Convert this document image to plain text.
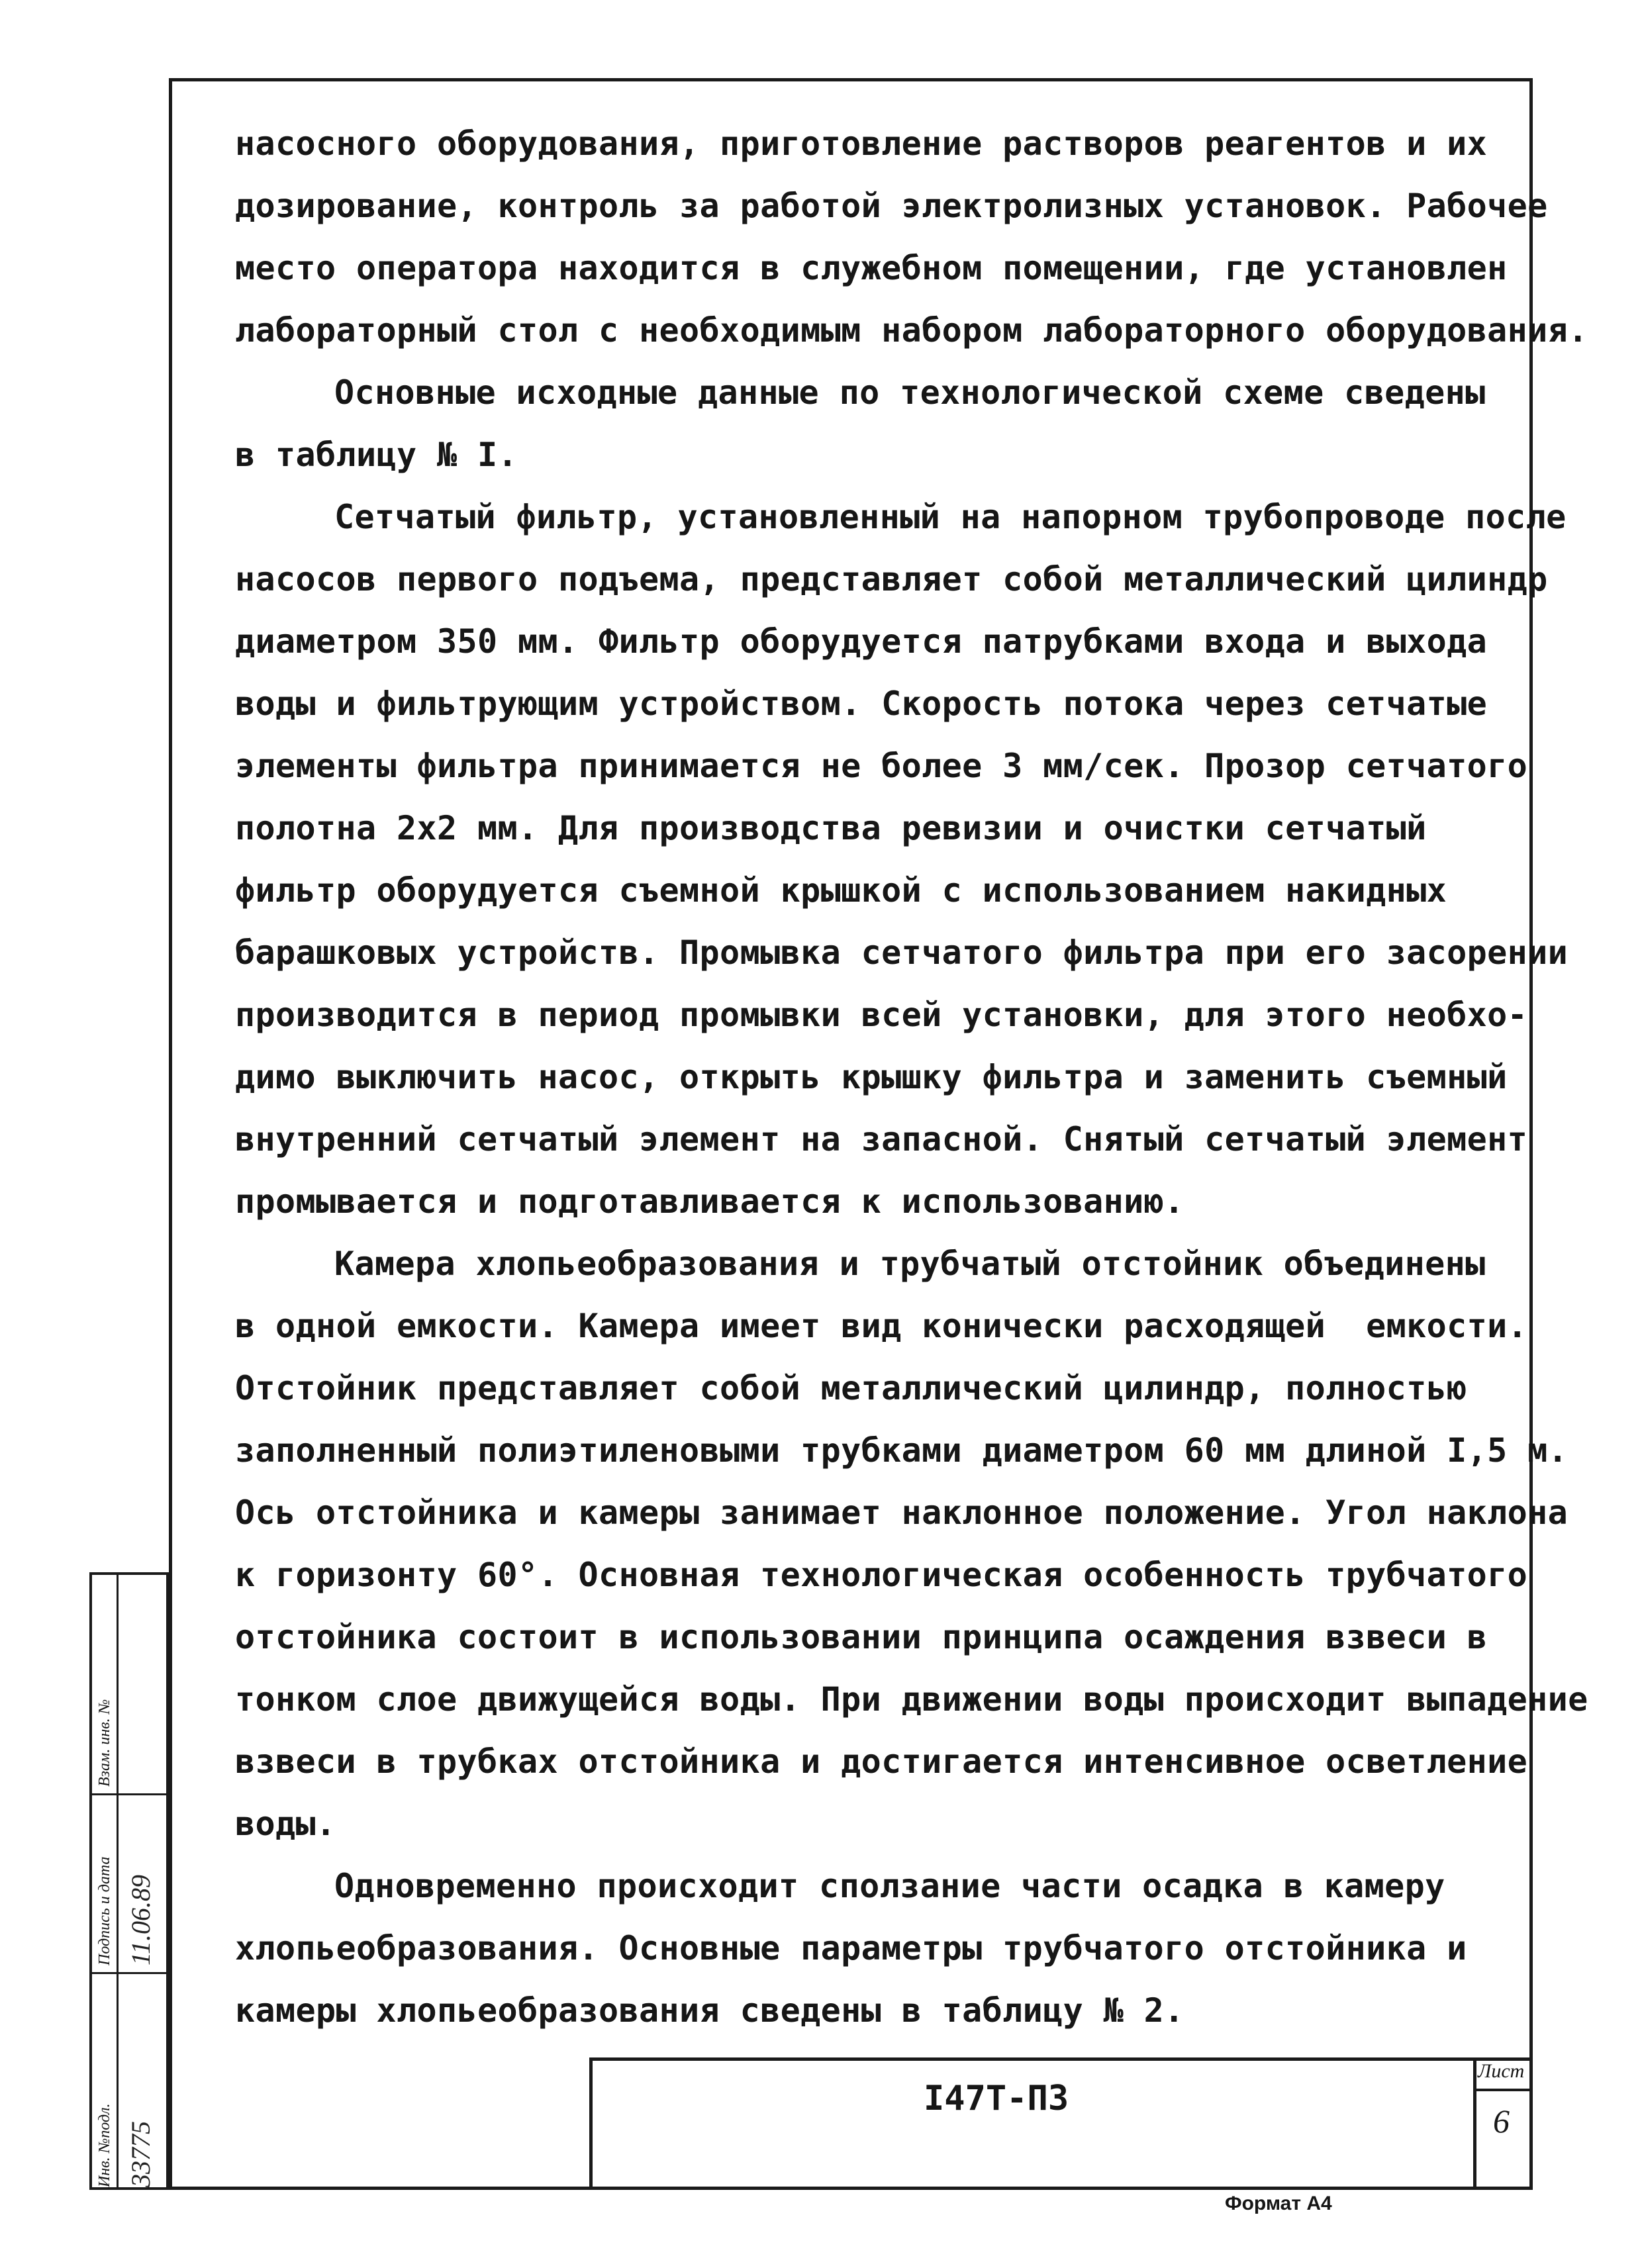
насосного оборудования, приготовление растворов реагентов и их
дозирование, контроль за работой электролизных установок. Рабочее
место оператора находится в служебном помещении, где установлен
лабораторный стол с необходимым набором лабораторного оборудования.
Основные исходные данные по технологической схеме сведены
в таблицу № I.
Сетчатый фильтр, установленный на напорном трубопроводе после
насосов первого подъема, представляет собой металлический цилиндр
диаметром 350 мм. Фильтр оборудуется патрубками входа и выхода
воды и фильтрующим устройством. Скорость потока через сетчатые
элементы фильтра принимается не более 3 мм/сек. Прозор сетчатого
полотна 2х2 мм. Для производства ревизии и очистки сетчатый
фильтр оборудуется съемной крышкой с использованием накидных
барашковых устройств. Промывка сетчатого фильтра при его засорении
производится в период промывки всей установки, для этого необхо-
димо выключить насос, открыть крышку фильтра и заменить съемный
внутренний сетчатый элемент на запасной. Снятый сетчатый элемент
промывается и подготавливается к использованию.
Камера хлопьеобразования и трубчатый отстойник объединены
в одной емкости. Камера имеет вид конически расходящей  емкости.
Отстойник представляет собой металлический цилиндр, полностью
заполненный полиэтиленовыми трубками диаметром 60 мм длиной I,5 м.
Ось отстойника и камеры занимает наклонное положение. Угол наклона
к горизонту 60°. Основная технологическая особенность трубчатого
отстойника состоит в использовании принципа осаждения взвеси в
тонком слое движущейся воды. При движении воды происходит выпадение
взвеси в трубках отстойника и достигается интенсивное осветление
воды.
Одновременно происходит сползание части осадка в камеру
хлопьеобразования. Основные параметры трубчатого отстойника и
камеры хлопьеобразования сведены в таблицу № 2.
I47Т-ПЗ
Лист
6
Формат А4
Инв. №подл.
Подпись и дата
Взам. инв. №
33775
11.06.89
